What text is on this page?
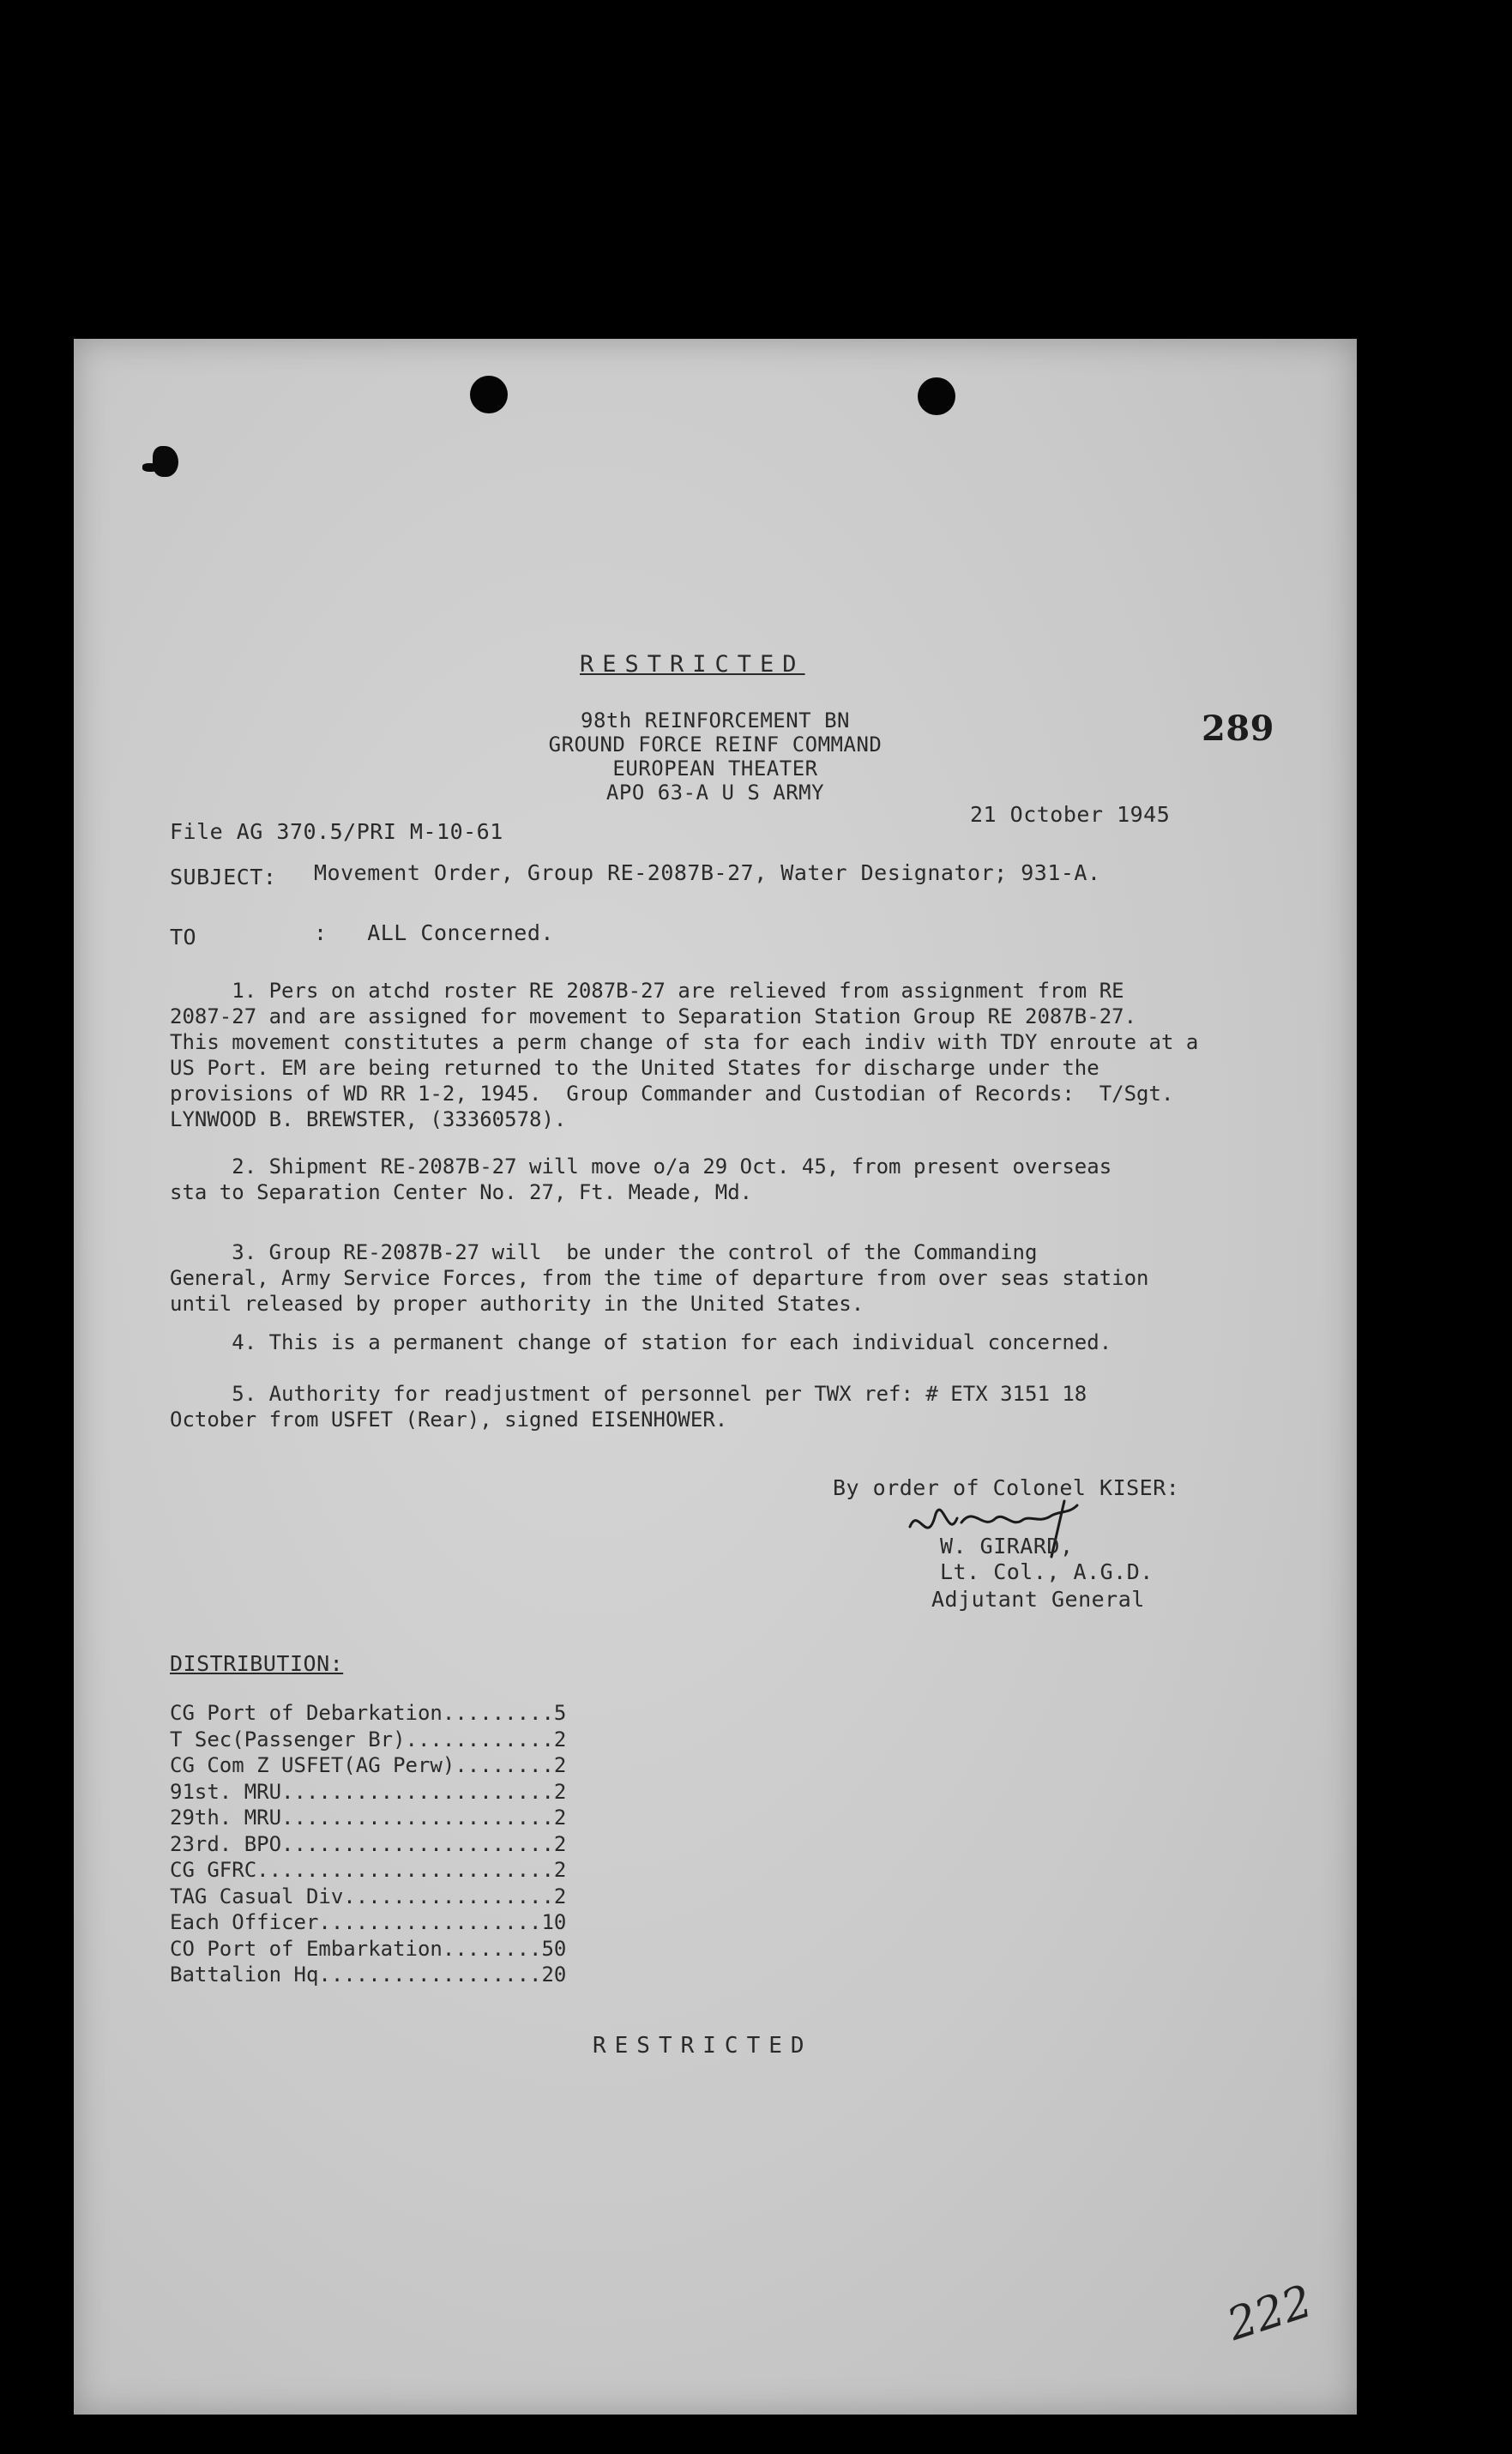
RESTRICTED
98th REINFORCEMENT BN
GROUND FORCE REINF COMMAND
EUROPEAN THEATER
APO 63-A U S ARMY
289
File AG 370.5/PRI M-10-61
21 October 1945
SUBJECT: Movement Order, Group RE-2087B-27, Water Designator; 931-A.
TO	:   ALL Concerned.
1. Pers on atchd roster RE 2087B-27 are relieved from assignment from RE
2087-27 and are assigned for movement to Separation Station Group RE 2087B-27.
This movement constitutes a perm change of sta for each indiv with TDY enroute at a
US Port. EM are being returned to the United States for discharge under the
provisions of WD RR 1-2, 1945.  Group Commander and Custodian of Records:  T/Sgt.
LYNWOOD B. BREWSTER, (33360578).
2. Shipment RE-2087B-27 will move o/a 29 Oct. 45, from present overseas
sta to Separation Center No. 27, Ft. Meade, Md.
3. Group RE-2087B-27 will  be under the control of the Commanding
General, Army Service Forces, from the time of departure from over seas station
until released by proper authority in the United States.
4. This is a permanent change of station for each individual concerned.
5. Authority for readjustment of personnel per TWX ref: # ETX 3151 18
October from USFET (Rear), signed EISENHOWER.
By order of Colonel KISER:
W. GIRARD,
Lt. Col., A.G.D.
Adjutant General
DISTRIBUTION:
CG Port of Debarkation.........5
T Sec(Passenger Br)............2
CG Com Z USFET(AG Perw)........2
91st. MRU......................2
29th. MRU......................2
23rd. BPO......................2
CG GFRC........................2
TAG Casual Div.................2
Each Officer..................10
CO Port of Embarkation........50
Battalion Hq..................20
RESTRICTED
222
